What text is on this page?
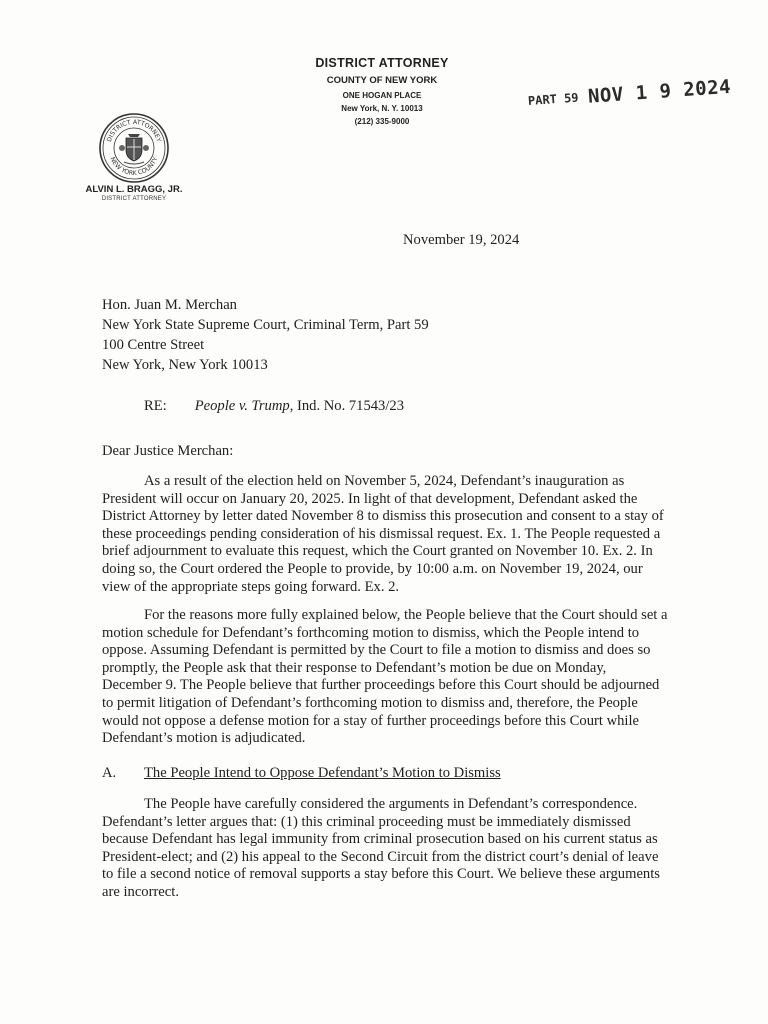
DISTRICT ATTORNEY
COUNTY OF NEW YORK
ONE HOGAN PLACE
New York, N. Y. 10013
(212) 335-9000
DISTRICT ATTORNEY
NEW YORK COUNTY
ALVIN L. BRAGG, JR.
DISTRICT ATTORNEY
PART 59 NOV 1 9 2024
November 19, 2024
Hon. Juan M. Merchan
New York State Supreme Court, Criminal Term, Part 59
100 Centre Street
New York, New York 10013
RE: People v. Trump, Ind. No. 71543/23
Dear Justice Merchan:
As a result of the election held on November 5, 2024, Defendant’s inauguration as
President will occur on January 20, 2025. In light of that development, Defendant asked the
District Attorney by letter dated November 8 to dismiss this prosecution and consent to a stay of
these proceedings pending consideration of his dismissal request. Ex. 1. The People requested a
brief adjournment to evaluate this request, which the Court granted on November 10. Ex. 2. In
doing so, the Court ordered the People to provide, by 10:00 a.m. on November 19, 2024, our
view of the appropriate steps going forward. Ex. 2.
For the reasons more fully explained below, the People believe that the Court should set a
motion schedule for Defendant’s forthcoming motion to dismiss, which the People intend to
oppose. Assuming Defendant is permitted by the Court to file a motion to dismiss and does so
promptly, the People ask that their response to Defendant’s motion be due on Monday,
December 9. The People believe that further proceedings before this Court should be adjourned
to permit litigation of Defendant’s forthcoming motion to dismiss and, therefore, the People
would not oppose a defense motion for a stay of further proceedings before this Court while
Defendant’s motion is adjudicated.
A. The People Intend to Oppose Defendant’s Motion to Dismiss
The People have carefully considered the arguments in Defendant’s correspondence.
Defendant’s letter argues that: (1) this criminal proceeding must be immediately dismissed
because Defendant has legal immunity from criminal prosecution based on his current status as
President-elect; and (2) his appeal to the Second Circuit from the district court’s denial of leave
to file a second notice of removal supports a stay before this Court. We believe these arguments
are incorrect.
